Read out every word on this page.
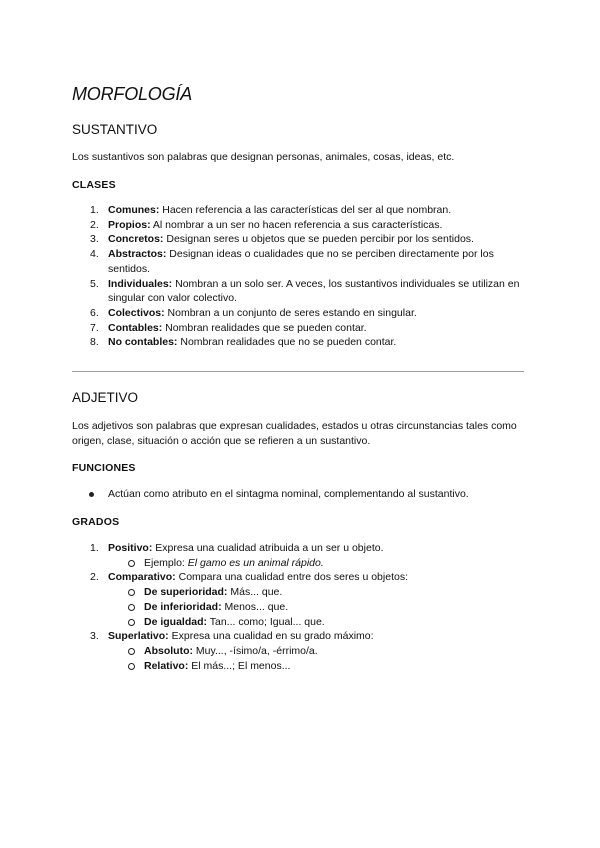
MORFOLOGÍA
SUSTANTIVO

Los sustantivos son palabras que designan personas, animales, cosas, ideas, etc.

CLASES
1. Comunes: Hacen referencia a las características del ser al que nombran.
2. Propios: Al nombrar a un ser no hacen referencia a sus características.
3. Concretos: Designan seres u objetos que se pueden percibir por los sentidos.
4. Abstractos: Designan ideas o cualidades que no se perciben directamente por los sentidos.
5. Individuales: Nombran a un solo ser. A veces, los sustantivos individuales se utilizan en singular con valor colectivo.
6. Colectivos: Nombran a un conjunto de seres estando en singular.
7. Contables: Nombran realidades que se pueden contar.
8. No contables: Nombran realidades que no se pueden contar.
ADJETIVO

Los adjetivos son palabras que expresan cualidades, estados u otras circunstancias tales como origen, clase, situación o acción que se refieren a un sustantivo.

FUNCIONES
Actúan como atributo en el sintagma nominal, complementando al sustantivo.
GRADOS
1. Positivo: Expresa una cualidad atribuida a un ser u objeto.
Ejemplo: El gamo es un animal rápido.
2. Comparativo: Compara una cualidad entre dos seres u objetos:
De superioridad: Más... que.
De inferioridad: Menos... que.
De igualdad: Tan... como; Igual... que.
3. Superlativo: Expresa una cualidad en su grado máximo:
Absoluto: Muy..., -ísimo/a, -érrimo/a.
Relativo: El más...; El menos...
